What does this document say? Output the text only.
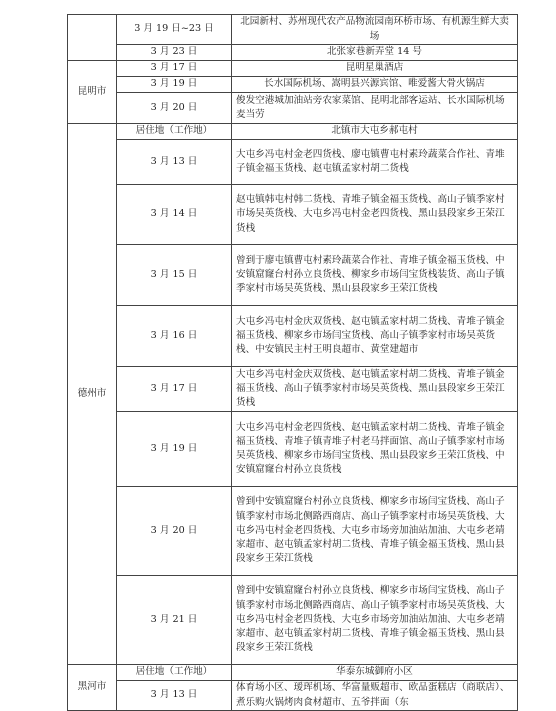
	3 月 19 日~23 日	北园新村、苏州现代农产品物流园南环桥市场、有机源生鲜大卖场
	3 月 23 日	北张家巷新弄堂 14 号
昆明市	3 月 17 日	昆明星巢酒店
	3 月 19 日	长水国际机场、嵩明县兴源宾馆、唯爱酱大骨火锅店
	3 月 20 日	俊发空港城加油站旁农家菜馆、昆明北部客运站、长水国际机场麦当劳
德州市	居住地（工作地）	北镇市大屯乡郝屯村
	3 月 13 日	大屯乡冯屯村金老四货栈、廖屯镇曹屯村素玲蔬菜合作社、青堆子镇金福玉货栈、赵屯镇孟家村胡二货栈
	3 月 14 日	赵屯镇韩屯村韩二货栈、青堆子镇金福玉货栈、高山子镇季家村市场吴英货栈、大屯乡冯屯村金老四货栈、黑山县段家乡王荣江货栈
	3 月 15 日	曾到于廖屯镇曹屯村素玲蔬菜合作社、青堆子镇金福玉货栈、中安镇窟窿台村孙立良货栈、柳家乡市场闫宝货栈装货、高山子镇季家村市场吴英货栈、黑山县段家乡王荣江货栈
	3 月 16 日	大屯乡冯屯村金庆双货栈、赵屯镇孟家村胡二货栈、青堆子镇金福玉货栈、柳家乡市场闫宝货栈、高山子镇季家村市场吴英货栈、中安镇民主村王明良超市、黄堂建超市
	3 月 17 日	大屯乡冯屯村金庆双货栈、赵屯镇孟家村胡二货栈、青堆子镇金福玉货栈、高山子镇季家村市场吴英货栈、黑山县段家乡王荣江货栈
	3 月 19 日	大屯乡冯屯村金老四货栈、赵屯镇孟家村胡二货栈、青堆子镇金福玉货栈、青堆子镇青堆子村老马拌面馆、高山子镇季家村市场吴英货栈、柳家乡市场闫宝货栈、黑山县段家乡王荣江货栈、中安镇窟窿台村孙立良货栈
	3 月 20 日	曾到中安镇窟窿台村孙立良货栈、柳家乡市场闫宝货栈、高山子镇季家村市场北侧路西商店、高山子镇季家村市场吴英货栈、大屯乡冯屯村金老四货栈、大屯乡市场旁加油站加油、大屯乡老靖家超市、赵屯镇孟家村胡二货栈、青堆子镇金福玉货栈、黑山县段家乡王荣江货栈
	3 月 21 日	曾到中安镇窟窿台村孙立良货栈、柳家乡市场闫宝货栈、高山子镇季家村市场北侧路西商店、高山子镇季家村市场吴英货栈、大屯乡冯屯村金老四货栈、大屯乡市场旁加油站加油、大屯乡老靖家超市、赵屯镇孟家村胡二货栈、青堆子镇金福玉货栈、黑山县段家乡王荣江货栈
黑河市	居住地（工作地）	华泰东城御府小区
	3 月 13 日	体育场小区、瑷珲机场、华富量贩超市、欧品蛋糕店（商联店）、煮乐购火锅烤肉食材超市、五爷拌面（东
